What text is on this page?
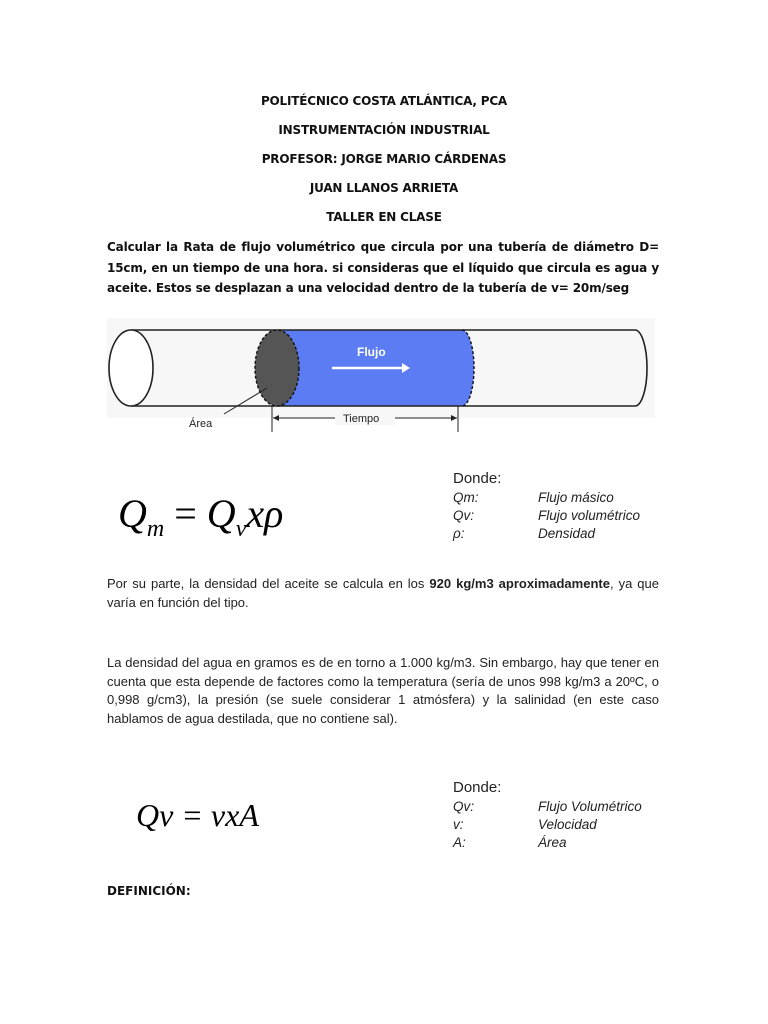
POLITÉCNICO COSTA ATLÁNTICA, PCA
INSTRUMENTACIÓN INDUSTRIAL
PROFESOR: JORGE MARIO CÁRDENAS
JUAN LLANOS ARRIETA
TALLER EN CLASE
Calcular la Rata de flujo volumétrico que circula por una tubería de diámetro D= 15cm, en un tiempo de una hora. si consideras que el líquido que circula es agua y aceite. Estos se desplazan a una velocidad dentro de la tubería de v= 20m/seg
Flujo
Área	Tiempo
$Q_m = Q_vx\rho$
Donde:
Qm:	Flujo másico
Qv:	Flujo volumétrico
ρ:	Densidad
Por su parte, la densidad del aceite se calcula en los 920 kg/m3 aproximadamente, ya que varía en función del tipo.
La densidad del agua en gramos es de en torno a 1.000 kg/m3. Sin embargo, hay que tener en cuenta que esta depende de factores como la temperatura (sería de unos 998 kg/m3 a 20ºC, o 0,998 g/cm3), la presión (se suele considerar 1 atmósfera) y la salinidad (en este caso hablamos de agua destilada, que no contiene sal).
Qv = vxA
Donde:
Qv:	Flujo Volumétrico
v:	Velocidad
A:	Área
DEFINICIÓN:
